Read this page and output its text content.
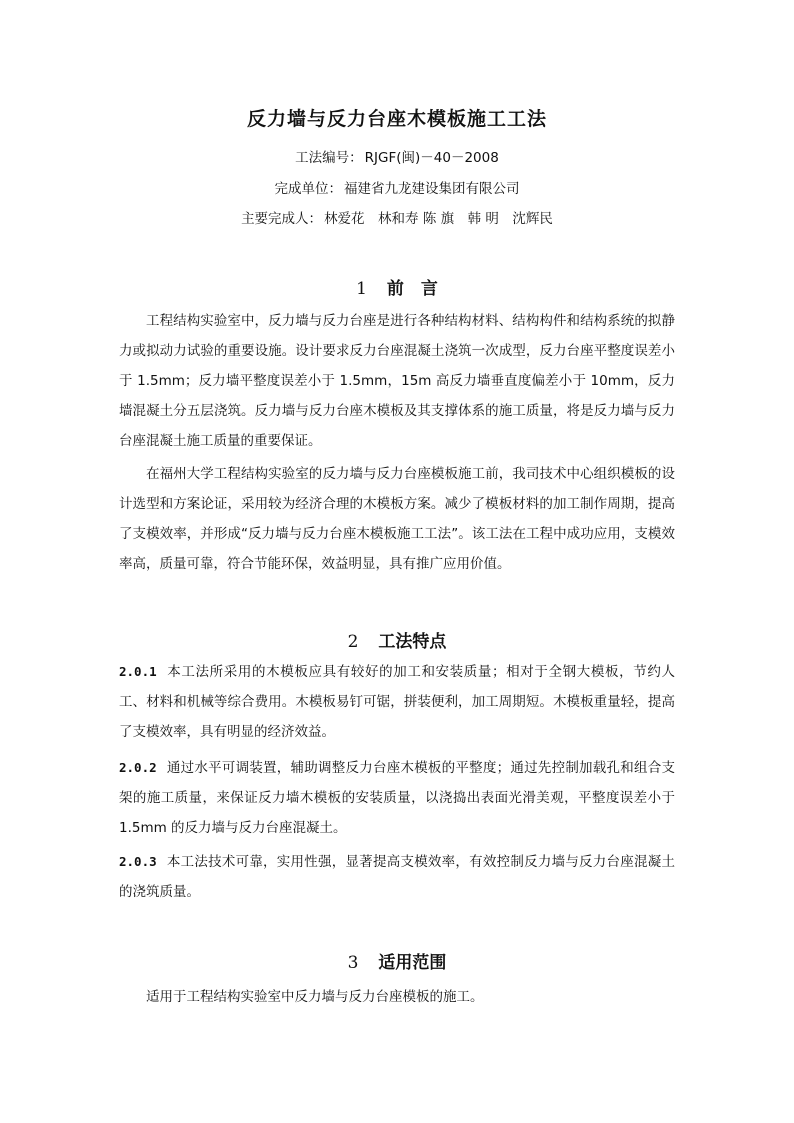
反力墙与反力台座木模板施工工法
工法编号： RJGF(闽)－40－2008
完成单位： 福建省九龙建设集团有限公司
主要完成人： 林爱花　林和寿 陈 旗　韩 明　沈辉民
1 前　言
工程结构实验室中，反力墙与反力台座是进行各种结构材料、结构构件和结构系统的拟静力或拟动力试验的重要设施。设计要求反力台座混凝土浇筑一次成型，反力台座平整度误差小于 1.5mm；反力墙平整度误差小于 1.5mm，15m 高反力墙垂直度偏差小于 10mm，反力墙混凝土分五层浇筑。反力墙与反力台座木模板及其支撑体系的施工质量，将是反力墙与反力台座混凝土施工质量的重要保证。
在福州大学工程结构实验室的反力墙与反力台座模板施工前，我司技术中心组织模板的设计选型和方案论证，采用较为经济合理的木模板方案。减少了模板材料的加工制作周期，提高了支模效率，并形成“反力墙与反力台座木模板施工工法”。该工法在工程中成功应用，支模效率高，质量可靠，符合节能环保，效益明显，具有推广应用价值。
2 工法特点
2.0.1 本工法所采用的木模板应具有较好的加工和安装质量；相对于全钢大模板，节约人工、材料和机械等综合费用。木模板易钉可锯，拼装便利，加工周期短。木模板重量轻，提高了支模效率，具有明显的经济效益。
2.0.2 通过水平可调装置，辅助调整反力台座木模板的平整度；通过先控制加载孔和组合支架的施工质量，来保证反力墙木模板的安装质量，以浇捣出表面光滑美观，平整度误差小于 1.5mm 的反力墙与反力台座混凝土。
2.0.3 本工法技术可靠，实用性强，显著提高支模效率，有效控制反力墙与反力台座混凝土的浇筑质量。
3 适用范围
适用于工程结构实验室中反力墙与反力台座模板的施工。
